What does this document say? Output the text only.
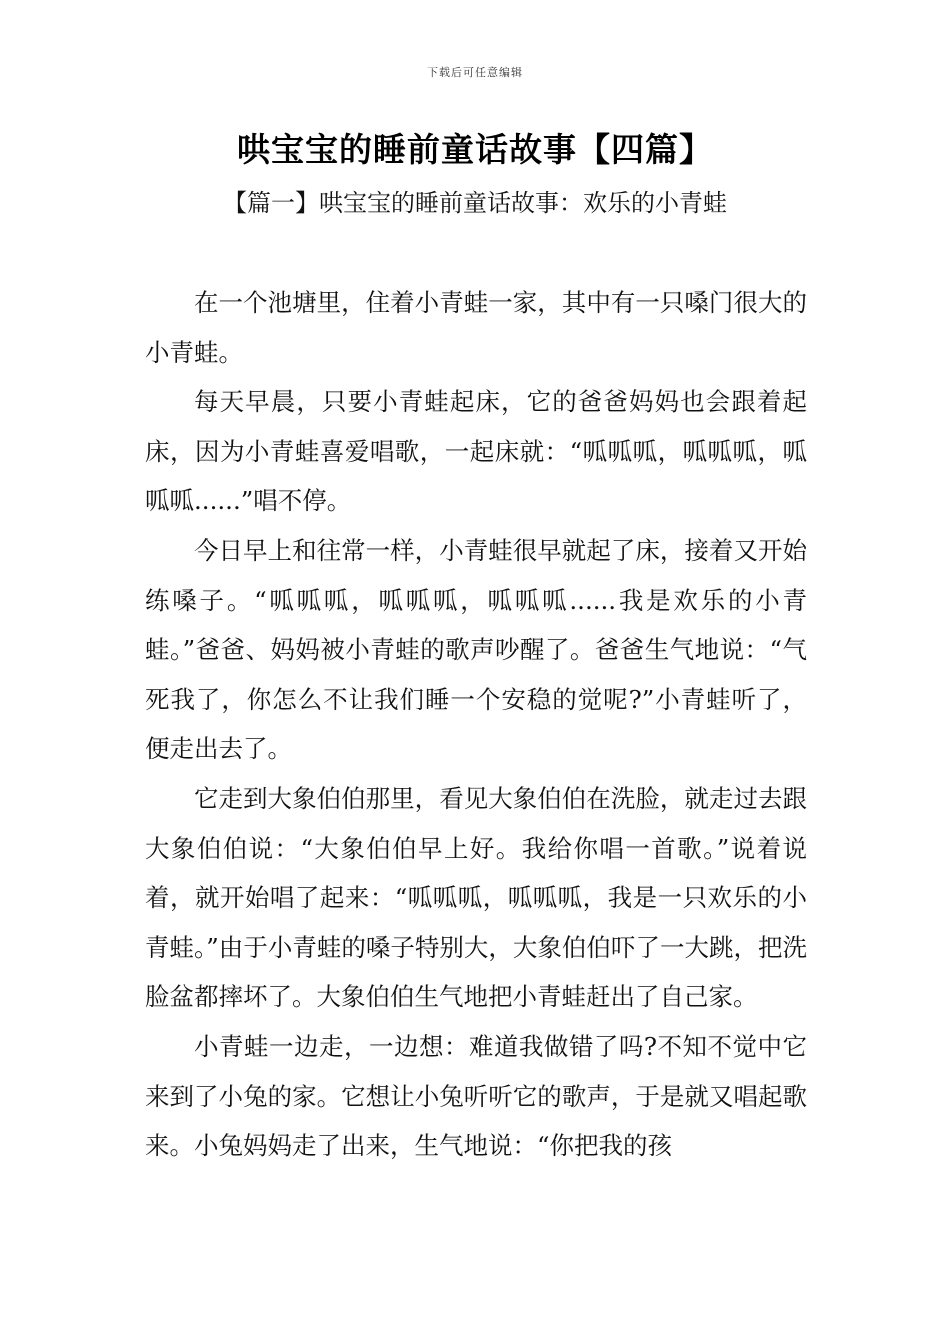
下载后可任意编辑
哄宝宝的睡前童话故事【四篇】
【篇一】哄宝宝的睡前童话故事：欢乐的小青蛙

在一个池塘里，住着小青蛙一家，其中有一只嗓门很大的小青蛙。

每天早晨，只要小青蛙起床，它的爸爸妈妈也会跟着起床，因为小青蛙喜爱唱歌，一起床就：“呱呱呱，呱呱呱，呱呱呱......”唱不停。

今日早上和往常一样，小青蛙很早就起了床，接着又开始练嗓子。“呱呱呱，呱呱呱，呱呱呱......我是欢乐的小青蛙。”爸爸、妈妈被小青蛙的歌声吵醒了。爸爸生气地说：“气死我了，你怎么不让我们睡一个安稳的觉呢?”小青蛙听了，便走出去了。

它走到大象伯伯那里，看见大象伯伯在洗脸，就走过去跟大象伯伯说：“大象伯伯早上好。我给你唱一首歌。”说着说着，就开始唱了起来：“呱呱呱，呱呱呱，我是一只欢乐的小青蛙。”由于小青蛙的嗓子特别大，大象伯伯吓了一大跳，把洗脸盆都摔坏了。大象伯伯生气地把小青蛙赶出了自己家。

小青蛙一边走，一边想：难道我做错了吗?不知不觉中它来到了小兔的家。它想让小兔听听它的歌声，于是就又唱起歌来。小兔妈妈走了出来，生气地说：“你把我的孩
